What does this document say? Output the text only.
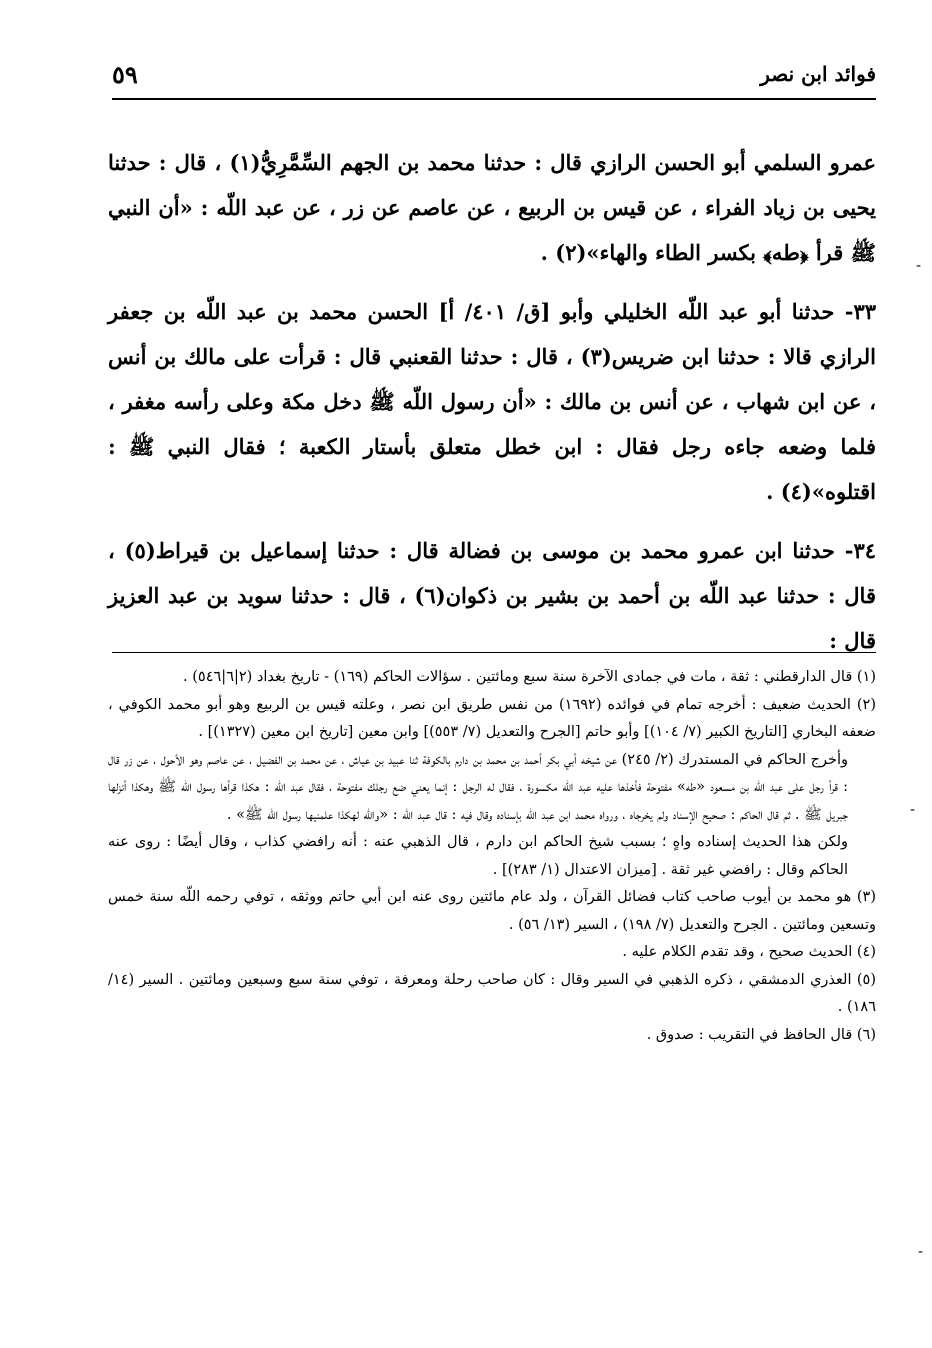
٥٩	فوائد ابن نصر

عمرو السلمي أبو الحسن الرازي قال : حدثنا محمد بن الجهم السِّمَّرِيُّ(١) ، قال : حدثنا يحيى بن زياد الفراء ، عن قيس بن الربيع ، عن عاصم عن زر ، عن عبد اللّه : «أن النبي ﷺ قرأ ﴿طه﴾ بكسر الطاء والهاء»(٢) .

٣٣- حدثنا أبو عبد اللّه الخليلي وأبو [ق/ ٤٠١/ أ] الحسن محمد بن عبد اللّه بن جعفر الرازي قالا : حدثنا ابن ضريس(٣) ، قال : حدثنا القعنبي قال : قرأت على مالك بن أنس ، عن ابن شهاب ، عن أنس بن مالك : «أن رسول اللّه ﷺ دخل مكة وعلى رأسه مغفر ، فلما وضعه جاءه رجل فقال : ابن خطل متعلق بأستار الكعبة ؛ فقال النبي ﷺ : اقتلوه»(٤) .

٣٤- حدثنا ابن عمرو محمد بن موسى بن فضالة قال : حدثنا إسماعيل بن قيراط(٥) ، قال : حدثنا عبد اللّه بن أحمد بن بشير بن ذكوان(٦) ، قال : حدثنا سويد بن عبد العزيز قال :

(١) قال الدارقطني : ثقة ، مات في جمادى الآخرة سنة سبع ومائتين . سؤالات الحاكم (١٦٩) - تاريخ بغداد (٢|٦|٥٤٦) .

(٢) الحديث ضعيف : أخرجه تمام في فوائده (١٦٩٢) من نفس طريق ابن نصر ، وعلته قيس بن الربيع وهو أبو محمد الكوفي ، ضعفه البخاري [التاريخ الكبير (٧/ ١٠٤)] وأبو حاتم [الجرح والتعديل (٧/ ٥٥٣)] وابن معين [تاريخ ابن معين (١٣٢٧)] .

وأخرج الحاكم في المستدرك (٢/ ٢٤٥) عن شيخه أبي بكر أحمد بن محمد بن دارم بالكوفة ثنا عبيد بن عياش ، عن محمد بن الفضيل ، عن عاصم وهو الأحول ، عن زر قال : قرأ رجل على عبد اللّه بن مسعود «طه» مفتوحة فأخذها عليه عبد اللّه مكسورة ، فقال له الرجل : إنما يعني ضع رجلك مفتوحة ، فقال عبد اللّه : هكذا قرأها رسول اللّه ﷺ وهكذا أنزلها جبريل ﷺ . ثم قال الحاكم : صحيح الإسناد ولم يخرجاه ، ورواه محمد ابن عبد اللّه بإسناده وقال فيه : قال عبد اللّه : «واللّه لهكذا علمنيها رسول اللّه ﷺ» .

ولكن هذا الحديث إسناده واهٍ ؛ بسبب شيخ الحاكم ابن دارم ، قال الذهبي عنه : أنه رافضي كذاب ، وقال أيضًا : روى عنه الحاكم وقال : رافضي غير ثقة . [ميزان الاعتدال (١/ ٢٨٣)] .

(٣) هو محمد بن أيوب صاحب كتاب فضائل القرآن ، ولد عام مائتين روى عنه ابن أبي حاتم ووثقه ، توفي رحمه اللّه سنة خمس وتسعين ومائتين . الجرح والتعديل (٧/ ١٩٨) ، السير (١٣/ ٥٦) .

(٤) الحديث صحيح ، وقد تقدم الكلام عليه .

(٥) العذري الدمشقي ، ذكره الذهبي في السير وقال : كان صاحب رحلة ومعرفة ، توفي سنة سبع وسبعين ومائتين . السير (١٤/ ١٨٦) .

(٦) قال الحافظ في التقريب : صدوق .

-
-
-
